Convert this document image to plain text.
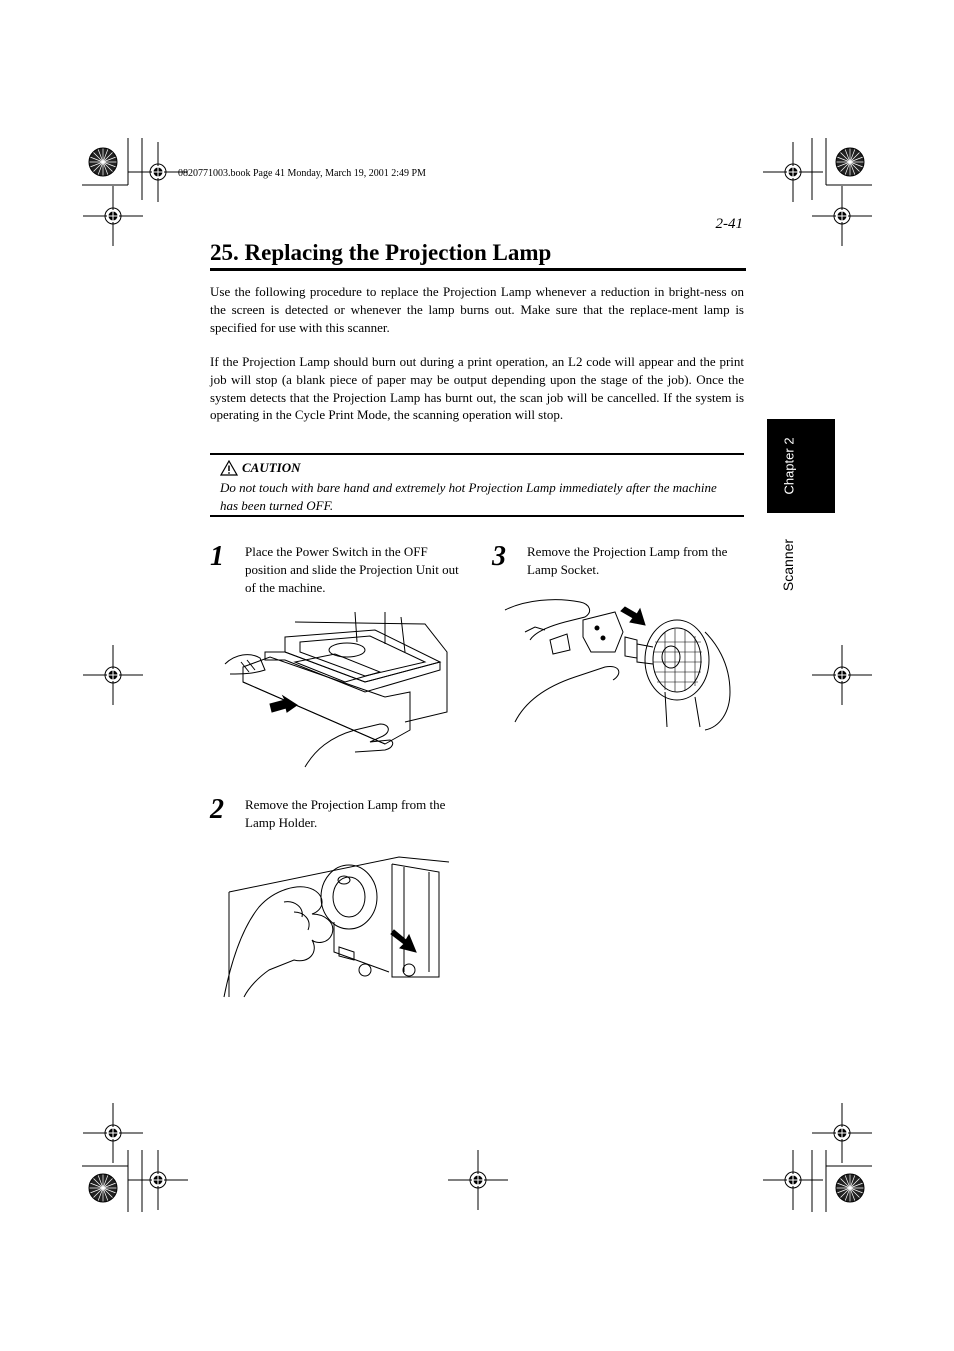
0820771003.book Page 41 Monday, March 19, 2001 2:49 PM
2-41
25. Replacing the Projection Lamp

Use the following procedure to replace the Projection Lamp whenever a reduction in bright-ness on the screen is detected or whenever the lamp burns out. Make sure that the replace-ment lamp is specified for use with this scanner.

If the Projection Lamp should burn out during a print operation, an L2 code will appear and the print job will stop (a blank piece of paper may be output depending upon the stage of the job). Once the system detects that the Projection Lamp has burnt out, the scan job will be cancelled. If the system is operating in the Cycle Print Mode, the scanning operation will stop.

CAUTION
Do not touch with bare hand and extremely hot Projection Lamp immediately after the machine has been turned OFF.
1 Place the Power Switch in the OFF position and slide the Projection Unit out of the machine.
2 Remove the Projection Lamp from the Lamp Holder.
3 Remove the Projection Lamp from the Lamp Socket.
Chapter 2
Scanner
